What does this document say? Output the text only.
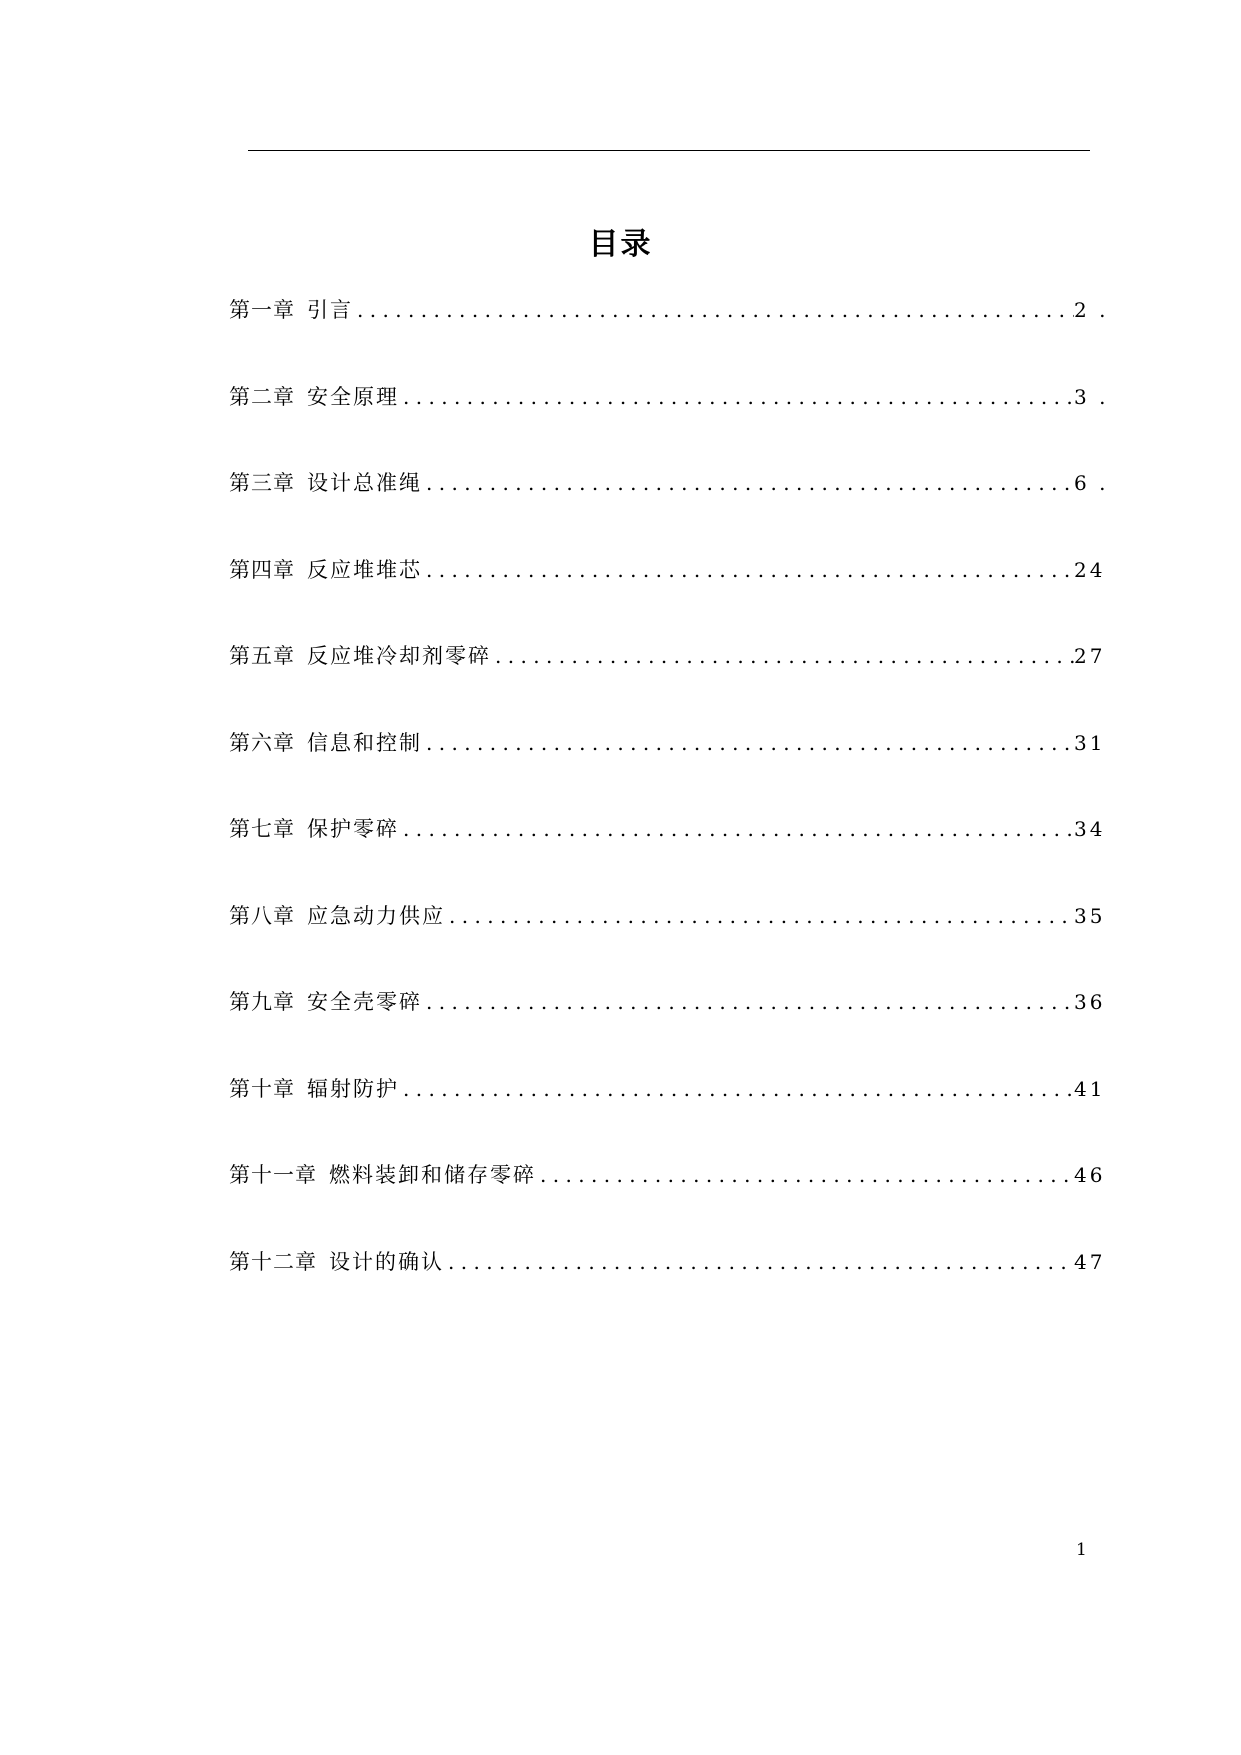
目录
第一章 引言 .....	2 .
第二章 安全原理 .....	3 .
第三章 设计总准绳 .....	6 .
第四章 反应堆堆芯 .....	24
第五章 反应堆冷却剂零碎 .....	27
第六章 信息和控制 .....	31
第七章 保护零碎 .....	34
第八章 应急动力供应 .....	35
第九章 安全壳零碎 .....	36
第十章 辐射防护 .....	41
第十一章 燃料装卸和储存零碎 .....	46
第十二章 设计的确认 .....	47
1
